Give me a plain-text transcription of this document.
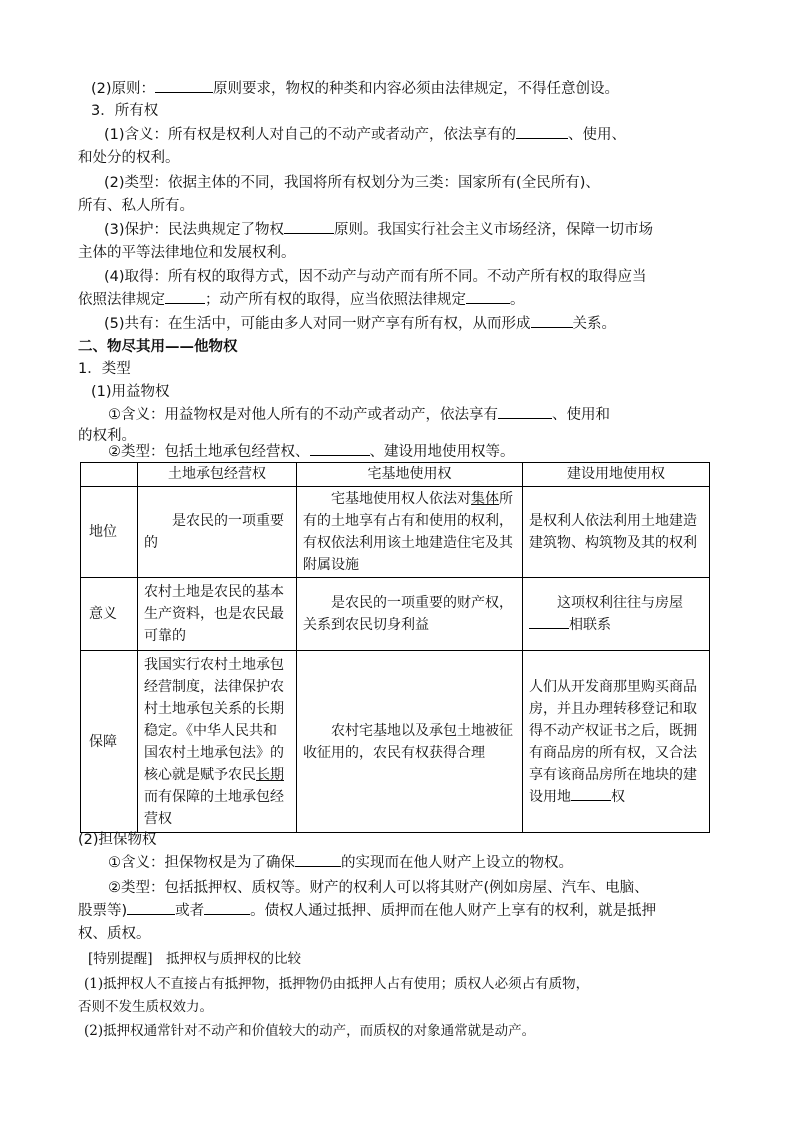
(2)原则：	原则要求，物权的种类和内容必须由法律规定，不得任意创设。
3．所有权
(1)含义：所有权是权利人对自己的不动产或者动产，依法享有的	、使用、
和处分的权利。
(2)类型：依据主体的不同，我国将所有权划分为三类：国家所有(全民所有)、
所有、私人所有。
(3)保护：民法典规定了物权	原则。我国实行社会主义市场经济，保障一切市场
主体的平等法律地位和发展权利。
(4)取得：所有权的取得方式，因不动产与动产而有所不同。不动产所有权的取得应当
依照法律规定	；动产所有权的取得，应当依照法律规定	。
(5)共有：在生活中，可能由多人对同一财产享有所有权，从而形成	关系。
二、物尽其用——他物权
1．类型
(1)用益物权
①含义：用益物权是对他人所有的不动产或者动产，依法享有	、使用和
的权利。
②类型：包括土地承包经营权、	、建设用地使用权等。
	土地承包经营权	宅基地使用权	建设用地使用权
地位	是农民的一项重要的	宅基地使用权人依法对集体所有的土地享有占有和使用的权利，有权依法利用该土地建造住宅及其附属设施	是权利人依法利用土地建造建筑物、构筑物及其的权利
意义	农村土地是农民的基本生产资料，也是农民最可靠的	是农民的一项重要的财产权，关系到农民切身利益	这项权利往往与房屋相联系
保障	我国实行农村土地承包经营制度，法律保护农村土地承包关系的长期稳定。《中华人民共和国农村土地承包法》的核心就是赋予农民长期而有保障的土地承包经营权	农村宅基地以及承包土地被征收征用的，农民有权获得合理	人们从开发商那里购买商品房，并且办理转移登记和取得不动产权证书之后，既拥有商品房的所有权，又合法享有该商品房所在地块的建设用地 权
(2)担保物权
①含义：担保物权是为了确保	的实现而在他人财产上设立的物权。
②类型：包括抵押权、质权等。财产的权利人可以将其财产(例如房屋、汽车、电脑、
股票等)	或者	。债权人通过抵押、质押而在他人财产上享有的权利，就是抵押
权、质权。
[特别提醒]　抵押权与质押权的比较
(1)抵押权人不直接占有抵押物，抵押物仍由抵押人占有使用；质权人必须占有质物，
否则不发生质权效力。
(2)抵押权通常针对不动产和价值较大的动产，而质权的对象通常就是动产。
